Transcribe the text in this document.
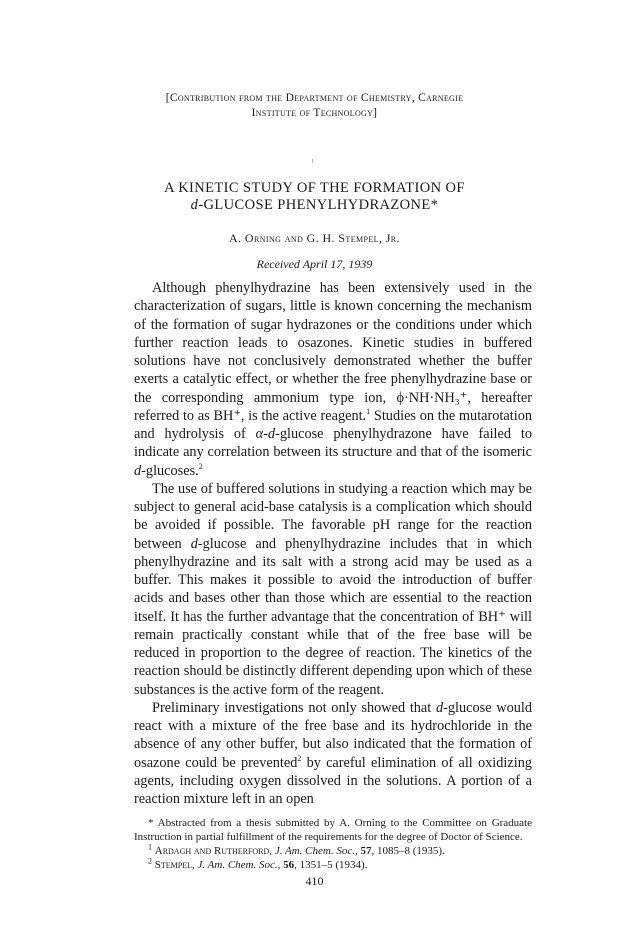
[Contribution from the Department of Chemistry, Carnegie
Institute of Technology]
A KINETIC STUDY OF THE FORMATION OF
d-GLUCOSE PHENYLHYDRAZONE*
A. Orning and G. H. Stempel, Jr.
Received April 17, 1939

Although phenylhydrazine has been extensively used in the characterization of sugars, little is known concerning the mechanism of the formation of sugar hydrazones or the conditions under which further reaction leads to osazones. Kinetic studies in buffered solutions have not conclusively demonstrated whether the buffer exerts a catalytic effect, or whether the free phenylhydrazine base or the corresponding ammonium type ion, ϕ·NH·NH₃⁺, hereafter referred to as BH⁺, is the active reagent.$^1$ Studies on the mutarotation and hydrolysis of α-d-glucose phenylhydrazone have failed to indicate any correlation between its structure and that of the isomeric d-glucoses.$^2$

The use of buffered solutions in studying a reaction which may be subject to general acid-base catalysis is a complication which should be avoided if possible. The favorable pH range for the reaction between d-glucose and phenylhydrazine includes that in which phenylhydrazine and its salt with a strong acid may be used as a buffer. This makes it possible to avoid the introduction of buffer acids and bases other than those which are essential to the reaction itself. It has the further advantage that the concentration of BH⁺ will remain practically constant while that of the free base will be reduced in proportion to the degree of reaction. The kinetics of the reaction should be distinctly different depending upon which of these substances is the active form of the reagent.

Preliminary investigations not only showed that d-glucose would react with a mixture of the free base and its hydrochloride in the absence of any other buffer, but also indicated that the formation of osazone could be prevented$^2$ by careful elimination of all oxidizing agents, including oxygen dissolved in the solutions. A portion of a reaction mixture left in an open

* Abstracted from a thesis submitted by A. Orning to the Committee on Graduate Instruction in partial fulfillment of the requirements for the degree of Doctor of Science.

$^1$ Ardagh and Rutherford, J. Am. Chem. Soc., 57, 1085–8 (1935).

$^2$ Stempel, J. Am. Chem. Soc., 56, 1351–5 (1934).

410
